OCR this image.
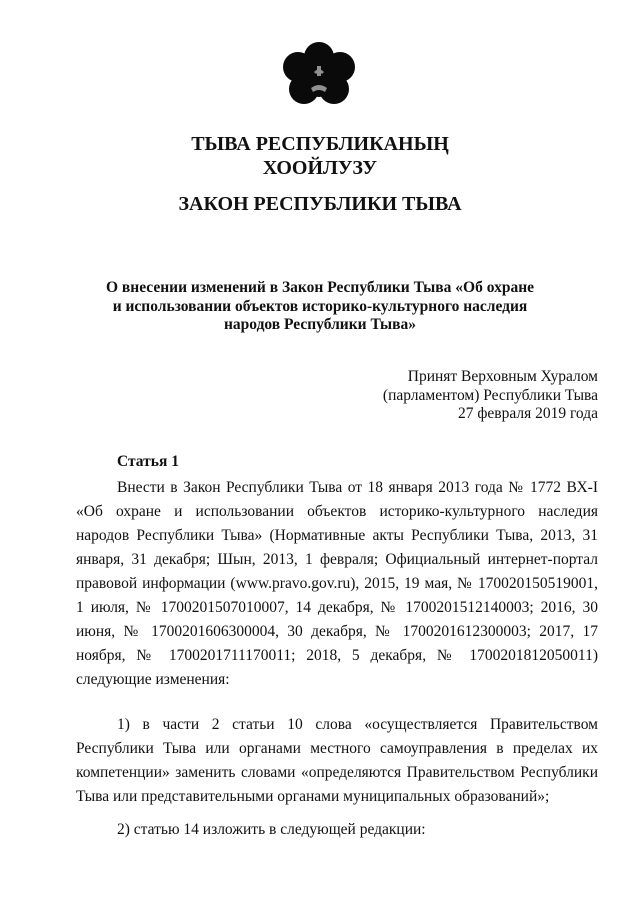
ТЫВА РЕСПУБЛИКАНЫҢ
ХООЙЛУЗУ
ЗАКОН РЕСПУБЛИКИ ТЫВА
О внесении изменений в Закон Республики Тыва «Об охране и использовании объектов историко-культурного наследия народов Республики Тыва»
Принят Верховным Хуралом
(парламентом) Республики Тыва
27 февраля 2019 года
Статья 1

Внести в Закон Республики Тыва от 18 января 2013 года № 1772 ВХ-I «Об охране и использовании объектов историко-культурного наследия народов Республики Тыва» (Нормативные акты Республики Тыва, 2013, 31 января, 31 декабря; Шын, 2013, 1 февраля; Официальный интернет-портал правовой информации (www.pravo.gov.ru), 2015, 19 мая, № 170020150519001, 1 июля, № 1700201507010007, 14 декабря, № 1700201512140003; 2016, 30 июня, № 1700201606300004, 30 декабря, № 1700201612300003; 2017, 17 ноября, № 1700201711170011; 2018, 5 декабря, № 1700201812050011) следующие изменения:

1) в части 2 статьи 10 слова «осуществляется Правительством Республики Тыва или органами местного самоуправления в пределах их компетенции» заменить словами «определяются Правительством Республики Тыва или представительными органами муниципальных образований»;

2) статью 14 изложить в следующей редакции:
